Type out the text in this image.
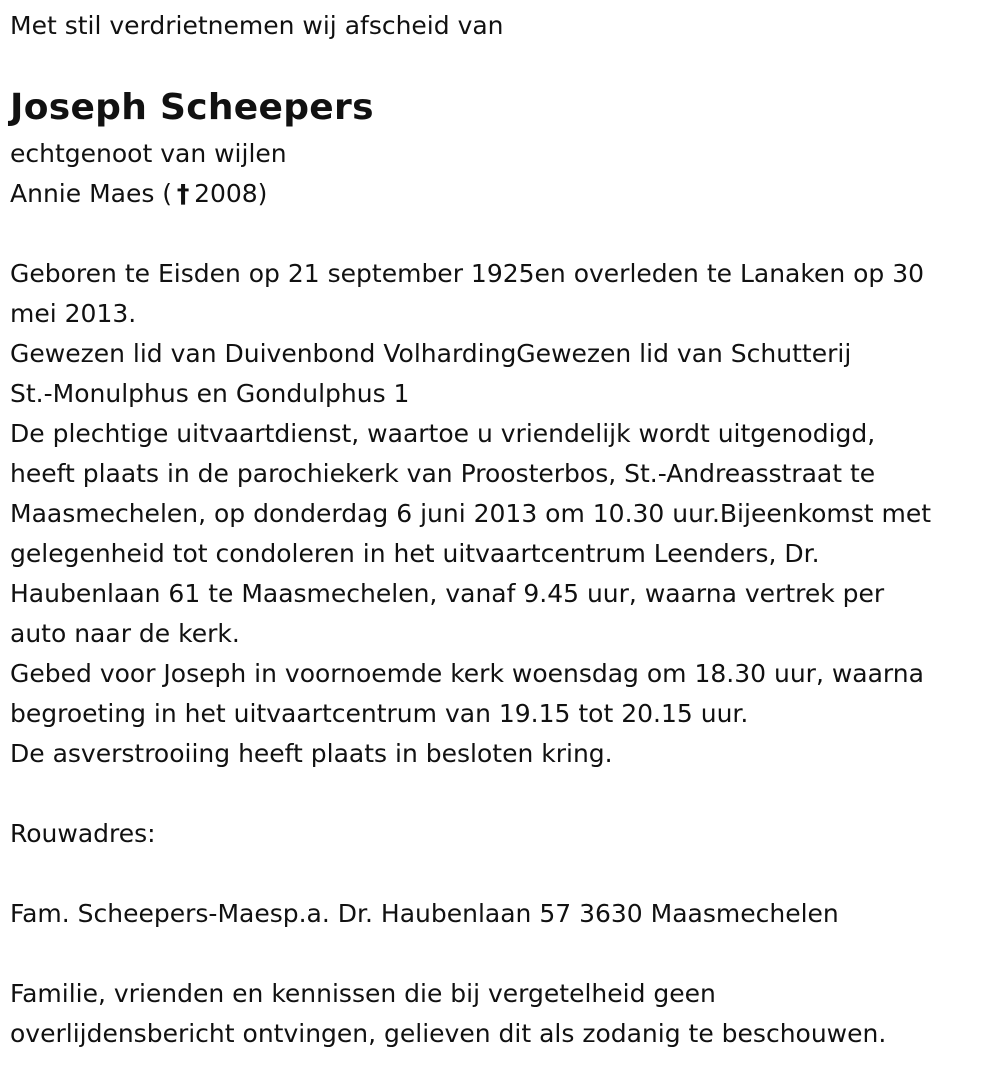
Met stil verdrietnemen wij afscheid van
Joseph Scheepers
echtgenoot van wijlen
Annie Maes ( † 2008)
Geboren te Eisden op 21 september 1925en overleden te Lanaken op 30
mei 2013.
Gewezen lid van Duivenbond VolhardingGewezen lid van Schutterij
St.-Monulphus en Gondulphus 1
De plechtige uitvaartdienst, waartoe u vriendelijk wordt uitgenodigd,
heeft plaats in de parochiekerk van Proosterbos, St.-Andreasstraat te
Maasmechelen, op donderdag 6 juni 2013 om 10.30 uur.Bijeenkomst met
gelegenheid tot condoleren in het uitvaartcentrum Leenders, Dr.
Haubenlaan 61 te Maasmechelen, vanaf 9.45 uur, waarna vertrek per
auto naar de kerk.
Gebed voor Joseph in voornoemde kerk woensdag om 18.30 uur, waarna
begroeting in het uitvaartcentrum van 19.15 tot 20.15 uur.
De asverstrooiing heeft plaats in besloten kring.
Rouwadres:
Fam. Scheepers-Maesp.a. Dr. Haubenlaan 57 3630 Maasmechelen
Familie, vrienden en kennissen die bij vergetelheid geen
overlijdensbericht ontvingen, gelieven dit als zodanig te beschouwen.
